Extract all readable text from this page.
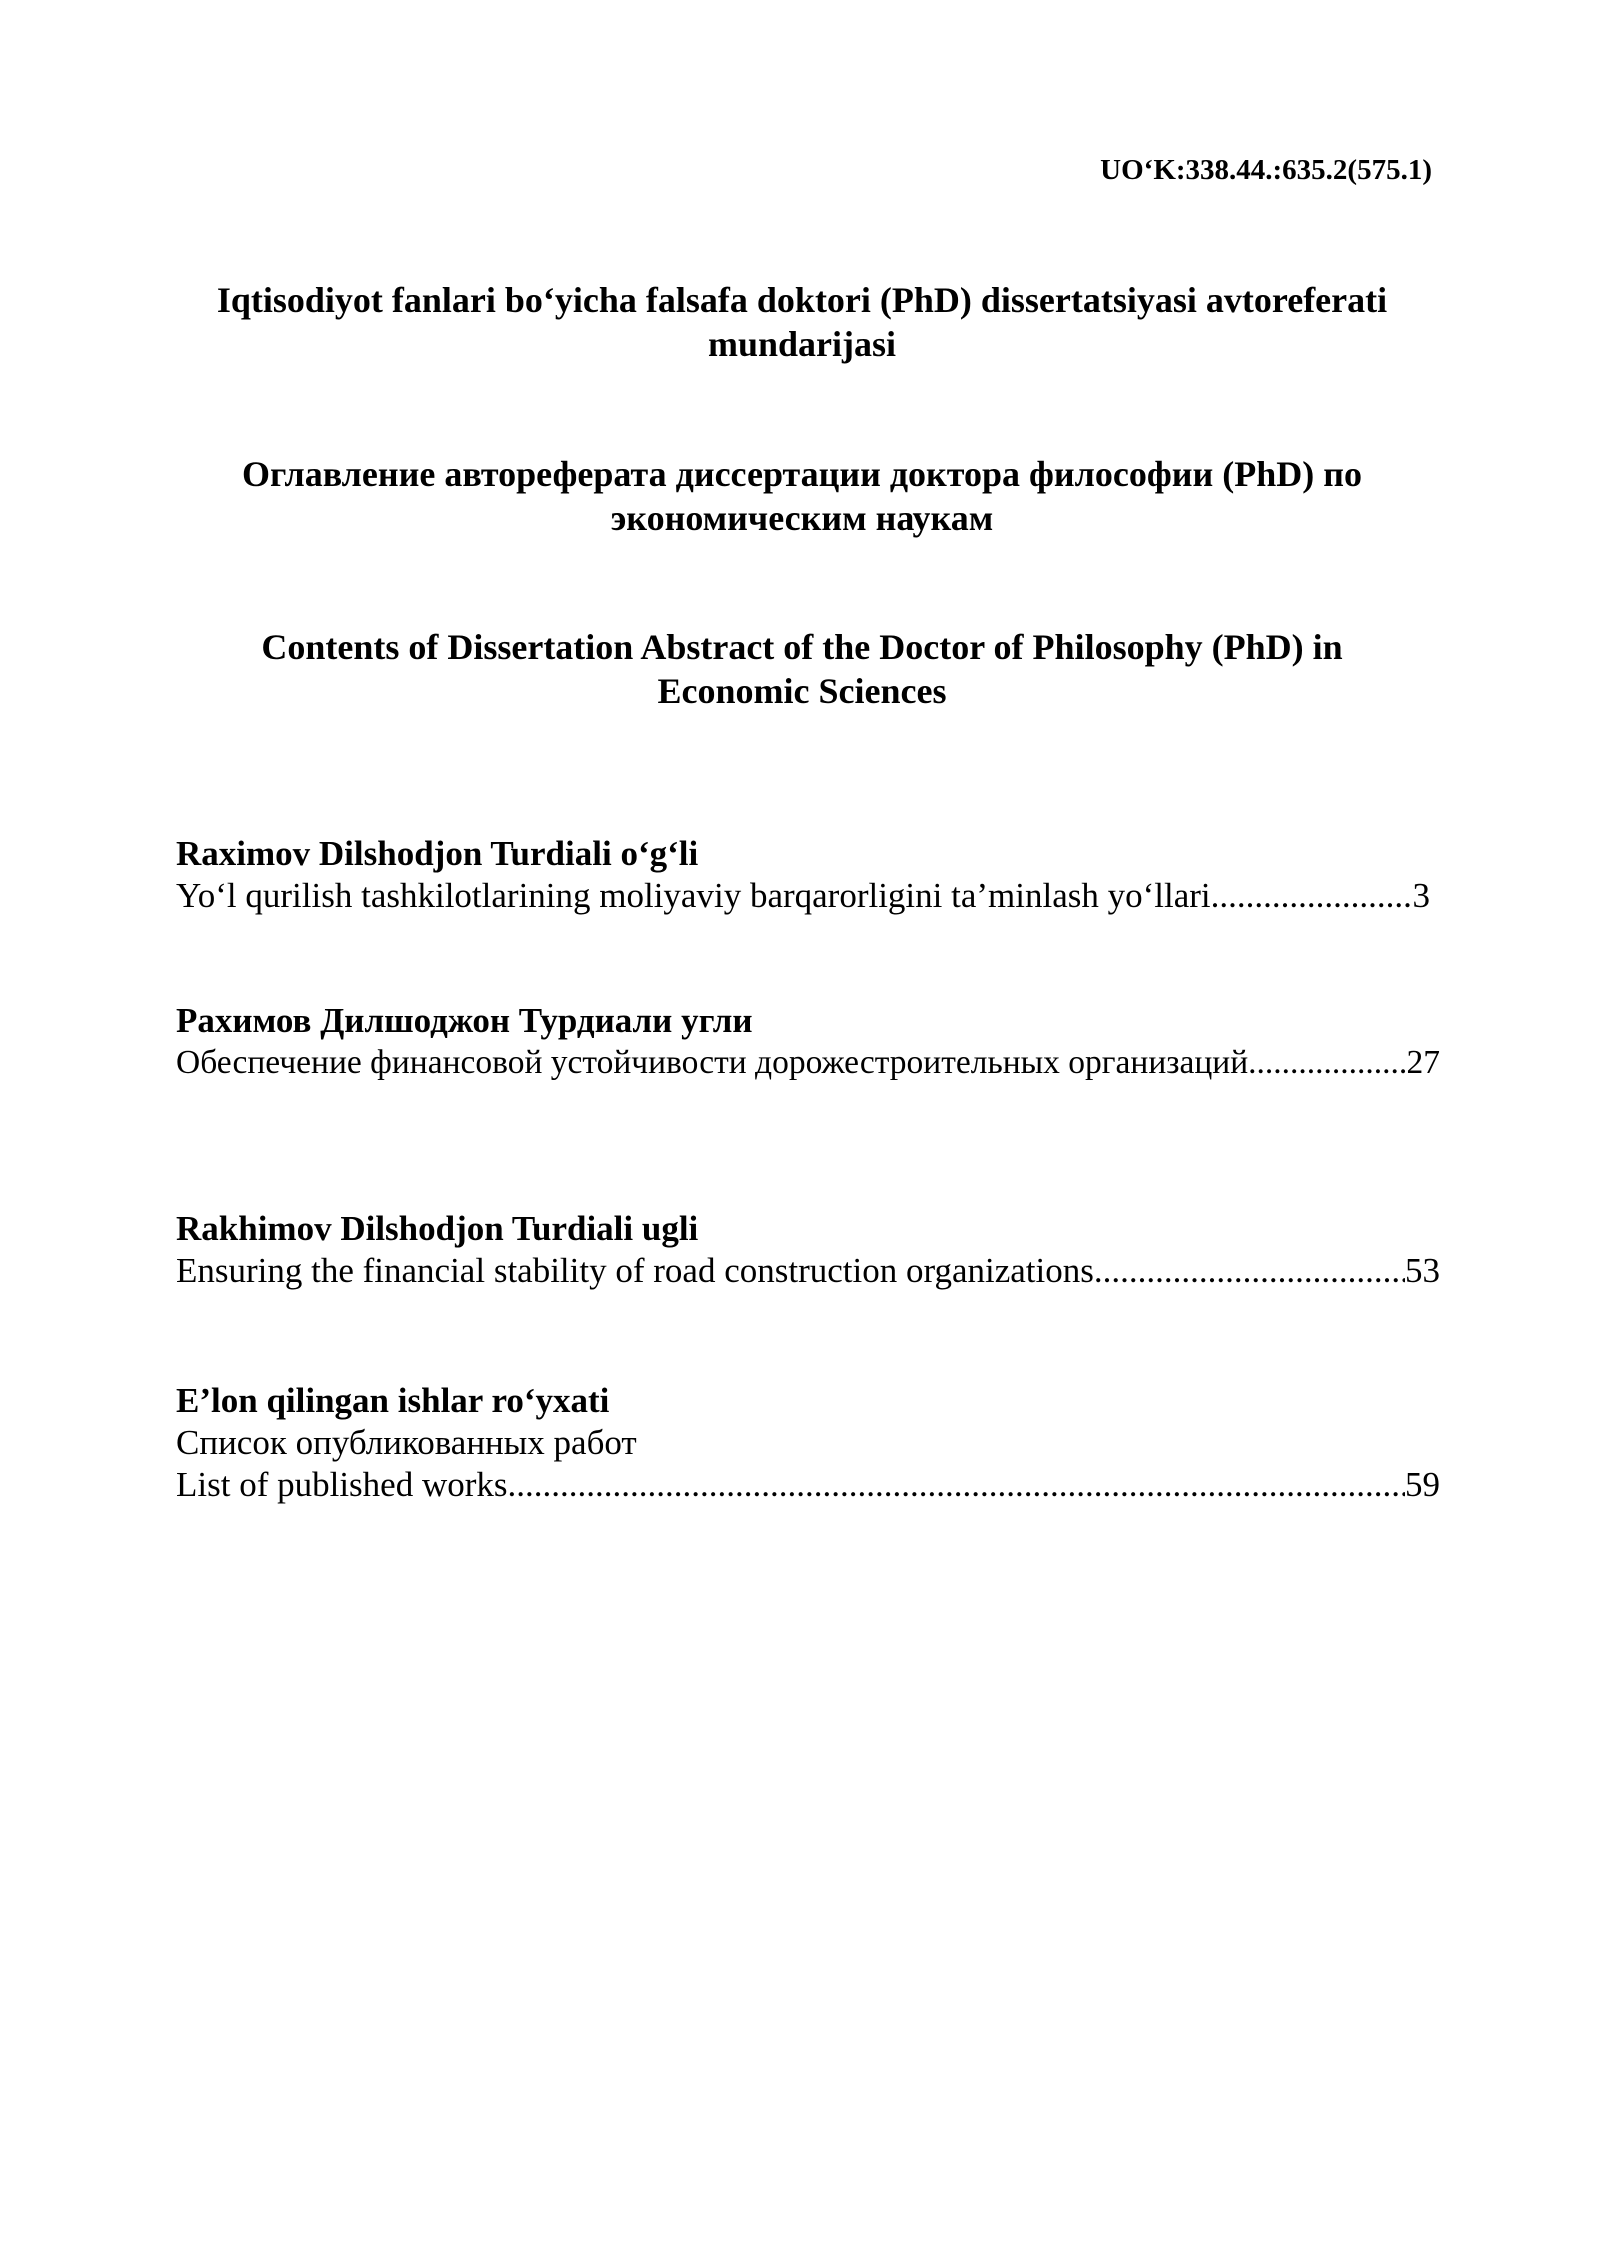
UO‘K:338.44.:635.2(575.1)
Iqtisodiyot fanlari bo‘yicha falsafa doktori (PhD) dissertatsiyasi avtoreferati
mundarijasi
Оглавление автореферата диссертации доктора философии (PhD) по
экономическим наукам
Contents of Dissertation Abstract of the Doctor of Philosophy (PhD) in
Economic Sciences
Raximov Dilshodjon Turdiali o‘g‘li
Yo‘l qurilish tashkilotlarining moliyaviy barqarorligini ta’minlash yo‘llari .....	3
Рахимов Дилшоджон Турдиали угли
Обеспечение финансовой устойчивости дорожестроительных организаций .....	27
Rakhimov Dilshodjon Turdiali ugli
Ensuring the financial stability of road construction organizations .....	53
E’lon qilingan ishlar ro‘yxati
Список опубликованных работ
List of published works .....	59
